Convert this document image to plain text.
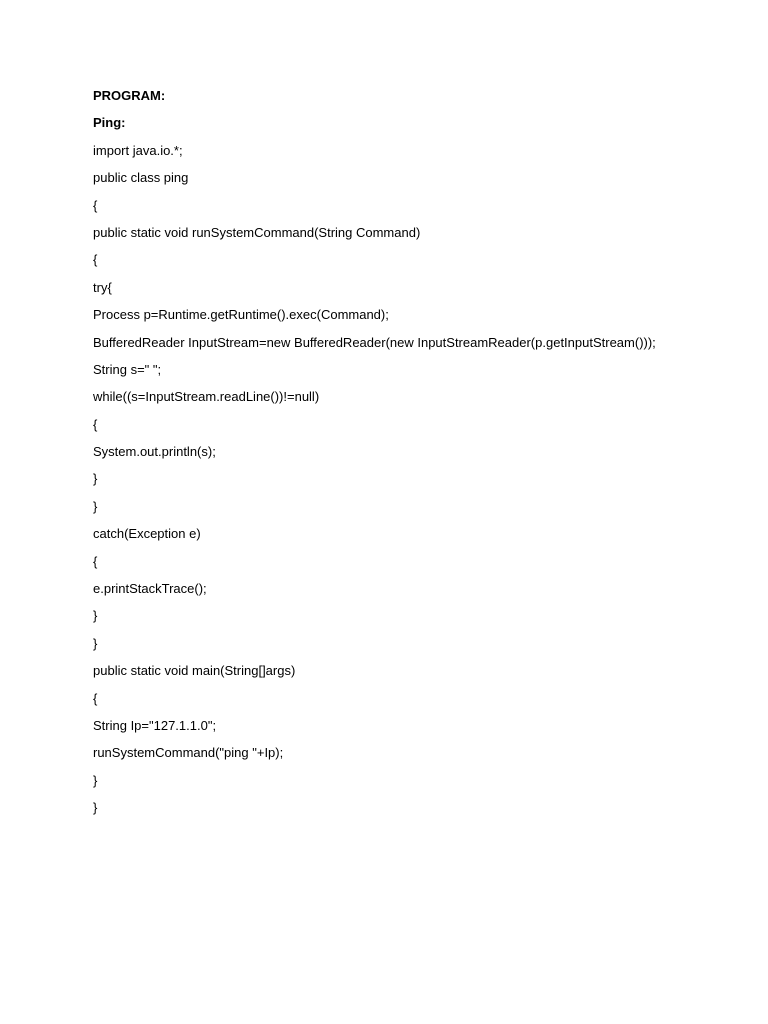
PROGRAM:
Ping:
import java.io.*;
public class ping
{
public static void runSystemCommand(String Command)
{
try{
Process p=Runtime.getRuntime().exec(Command);
BufferedReader InputStream=new BufferedReader(new InputStreamReader(p.getInputStream()));
String s=" ";
while((s=InputStream.readLine())!=null)
{
System.out.println(s);
}
}
catch(Exception e)
{
e.printStackTrace();
}
}
public static void main(String[]args)
{
String Ip="127.1.1.0";
runSystemCommand("ping "+Ip);
}
}
